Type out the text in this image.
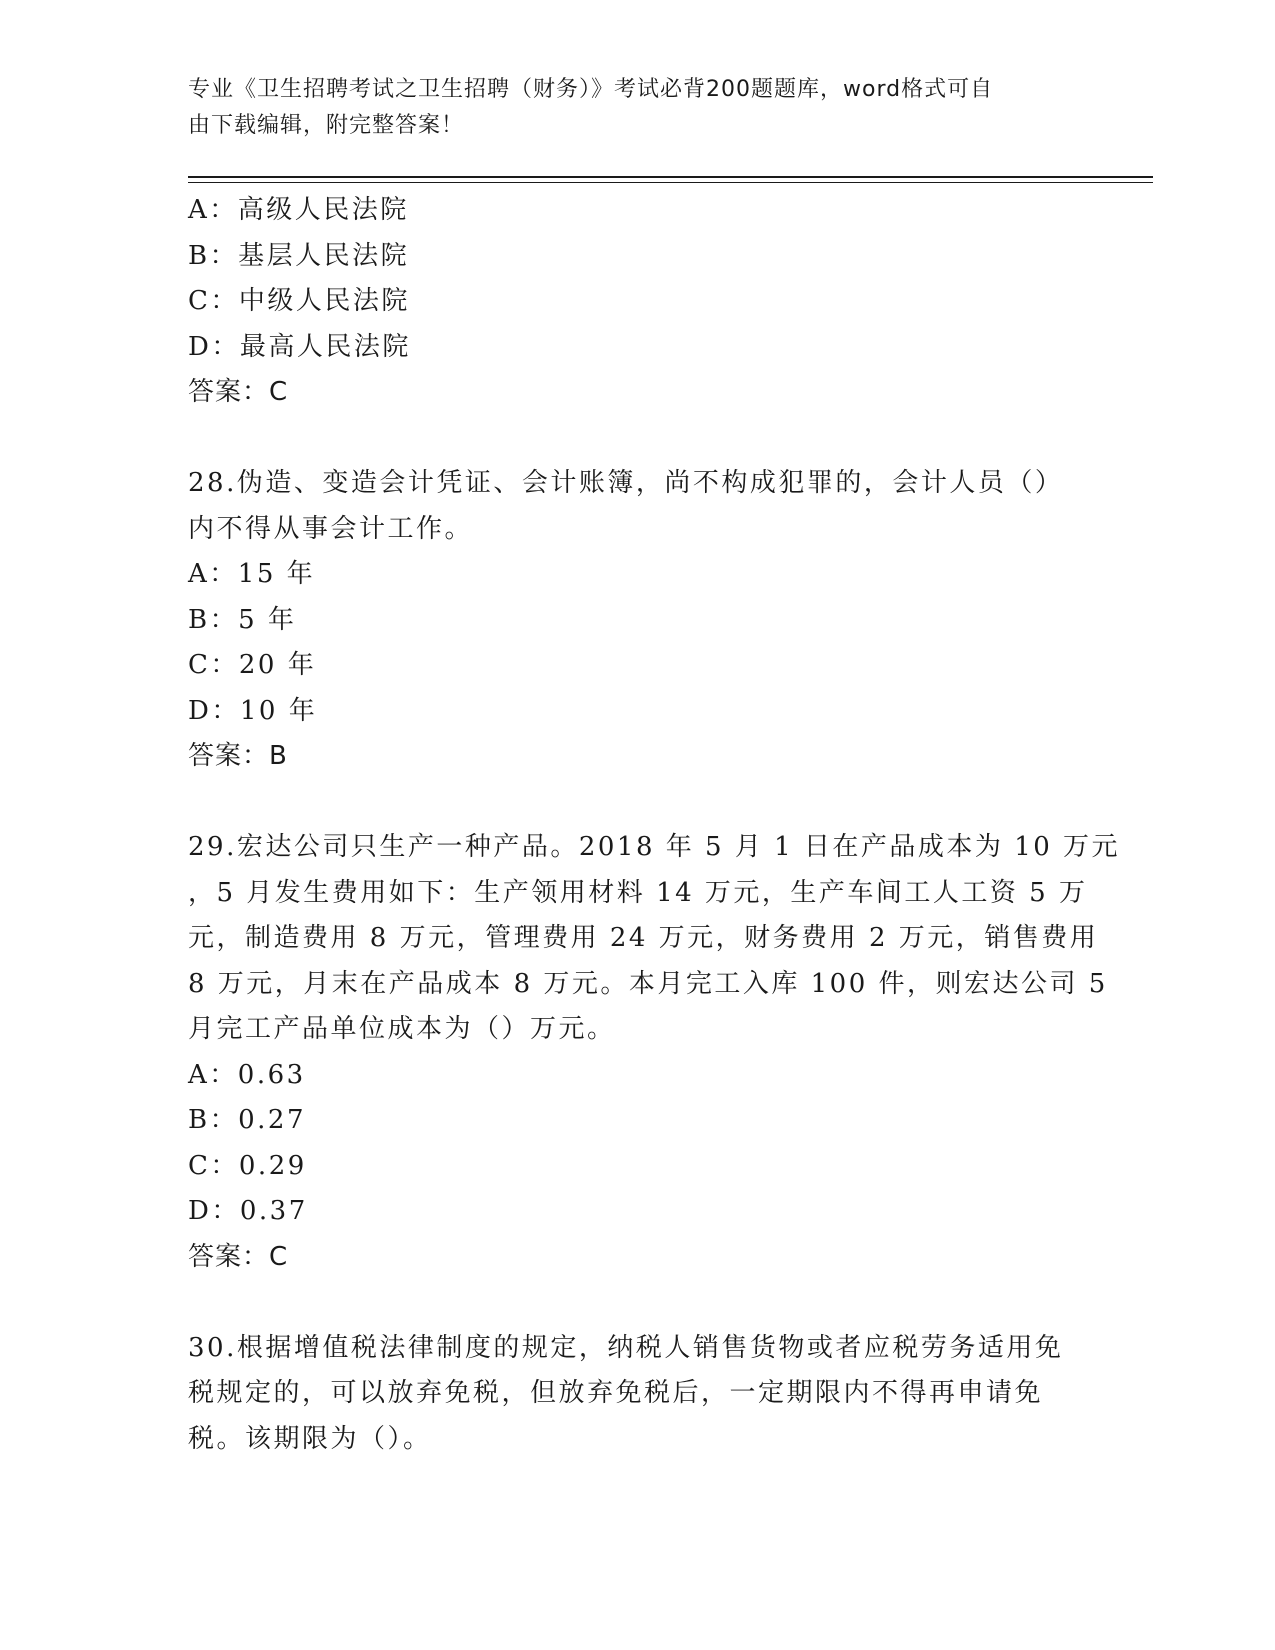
专业《卫生招聘考试之卫生招聘（财务）》考试必背200题题库，word格式可自
由下载编辑，附完整答案！
A：高级人民法院
B：基层人民法院
C：中级人民法院
D：最高人民法院
答案：C
28.伪造、变造会计凭证、会计账簿，尚不构成犯罪的，会计人员（）
内不得从事会计工作。
A：15 年
B：5 年
C：20 年
D：10 年
答案：B
29.宏达公司只生产一种产品。2018 年 5 月 1 日在产品成本为 10 万元
，5 月发生费用如下：生产领用材料 14 万元，生产车间工人工资 5 万
元，制造费用 8 万元，管理费用 24 万元，财务费用 2 万元，销售费用
8 万元，月末在产品成本 8 万元。本月完工入库 100 件，则宏达公司 5
月完工产品单位成本为（）万元。
A：0.63
B：0.27
C：0.29
D：0.37
答案：C
30.根据增值税法律制度的规定，纳税人销售货物或者应税劳务适用免
税规定的，可以放弃免税，但放弃免税后，一定期限内不得再申请免
税。该期限为（）。
